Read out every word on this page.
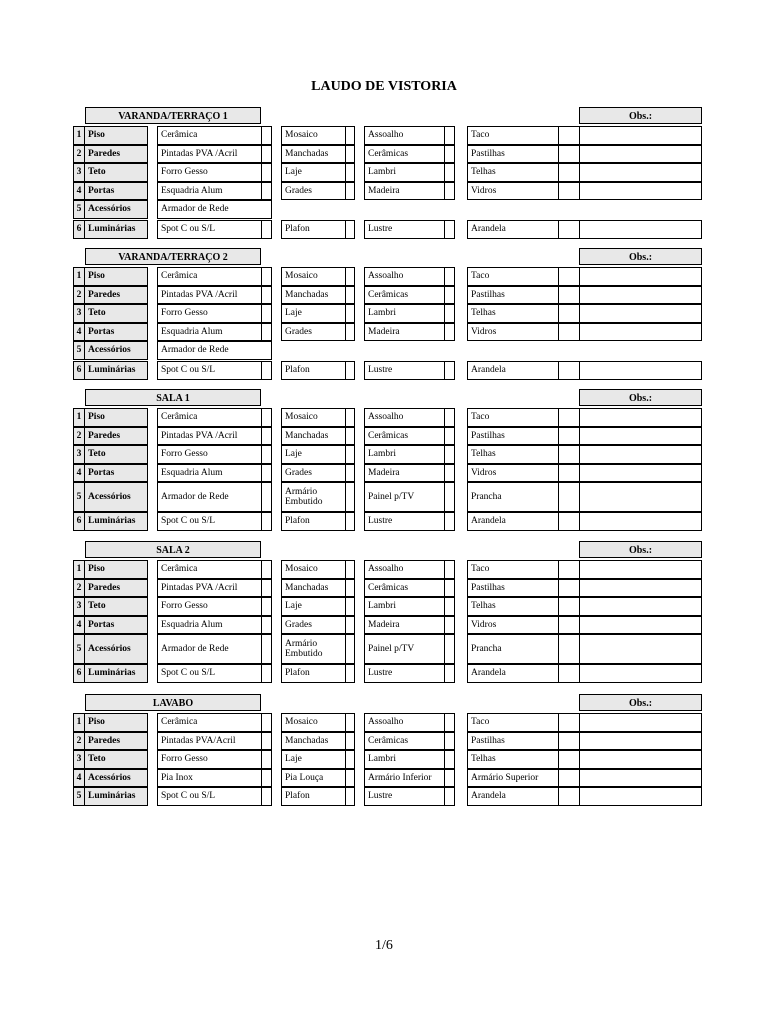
LAUDO DE VISTORIA
VARANDA/TERRAÇO 1	Obs.:
1 Piso	Cerâmica	Mosaico	Assoalho	Taco
2 Paredes	Pintadas PVA /Acril	Manchadas	Cerâmicas	Pastilhas
3 Teto	Forro Gesso	Laje	Lambri	Telhas
4 Portas	Esquadria Alum	Grades	Madeira	Vidros
5 Acessórios	Armador de Rede
6 Luminárias	Spot C ou S/L	Plafon	Lustre	Arandela
VARANDA/TERRAÇO 2	Obs.:
1 Piso	Cerâmica	Mosaico	Assoalho	Taco
2 Paredes	Pintadas PVA /Acril	Manchadas	Cerâmicas	Pastilhas
3 Teto	Forro Gesso	Laje	Lambri	Telhas
4 Portas	Esquadria Alum	Grades	Madeira	Vidros
5 Acessórios	Armador de Rede
6 Luminárias	Spot C ou S/L	Plafon	Lustre	Arandela
SALA 1	Obs.:
1 Piso	Cerâmica	Mosaico	Assoalho	Taco
2 Paredes	Pintadas PVA /Acril	Manchadas	Cerâmicas	Pastilhas
3 Teto	Forro Gesso	Laje	Lambri	Telhas
4 Portas	Esquadria Alum	Grades	Madeira	Vidros
5 Acessórios	Armador de Rede	Armário Embutido	Painel p/TV	Prancha
6 Luminárias	Spot C ou S/L	Plafon	Lustre	Arandela
SALA 2	Obs.:
1 Piso	Cerâmica	Mosaico	Assoalho	Taco
2 Paredes	Pintadas PVA /Acril	Manchadas	Cerâmicas	Pastilhas
3 Teto	Forro Gesso	Laje	Lambri	Telhas
4 Portas	Esquadria Alum	Grades	Madeira	Vidros
5 Acessórios	Armador de Rede	Armário Embutido	Painel p/TV	Prancha
6 Luminárias	Spot C ou S/L	Plafon	Lustre	Arandela
LAVABO	Obs.:
1 Piso	Cerâmica	Mosaico	Assoalho	Taco
2 Paredes	Pintadas PVA/Acril	Manchadas	Cerâmicas	Pastilhas
3 Teto	Forro Gesso	Laje	Lambri	Telhas
4 Acessórios	Pia Inox	Pia Louça	Armário Inferior	Armário Superior
5 Luminárias	Spot C ou S/L	Plafon	Lustre	Arandela
1/6
